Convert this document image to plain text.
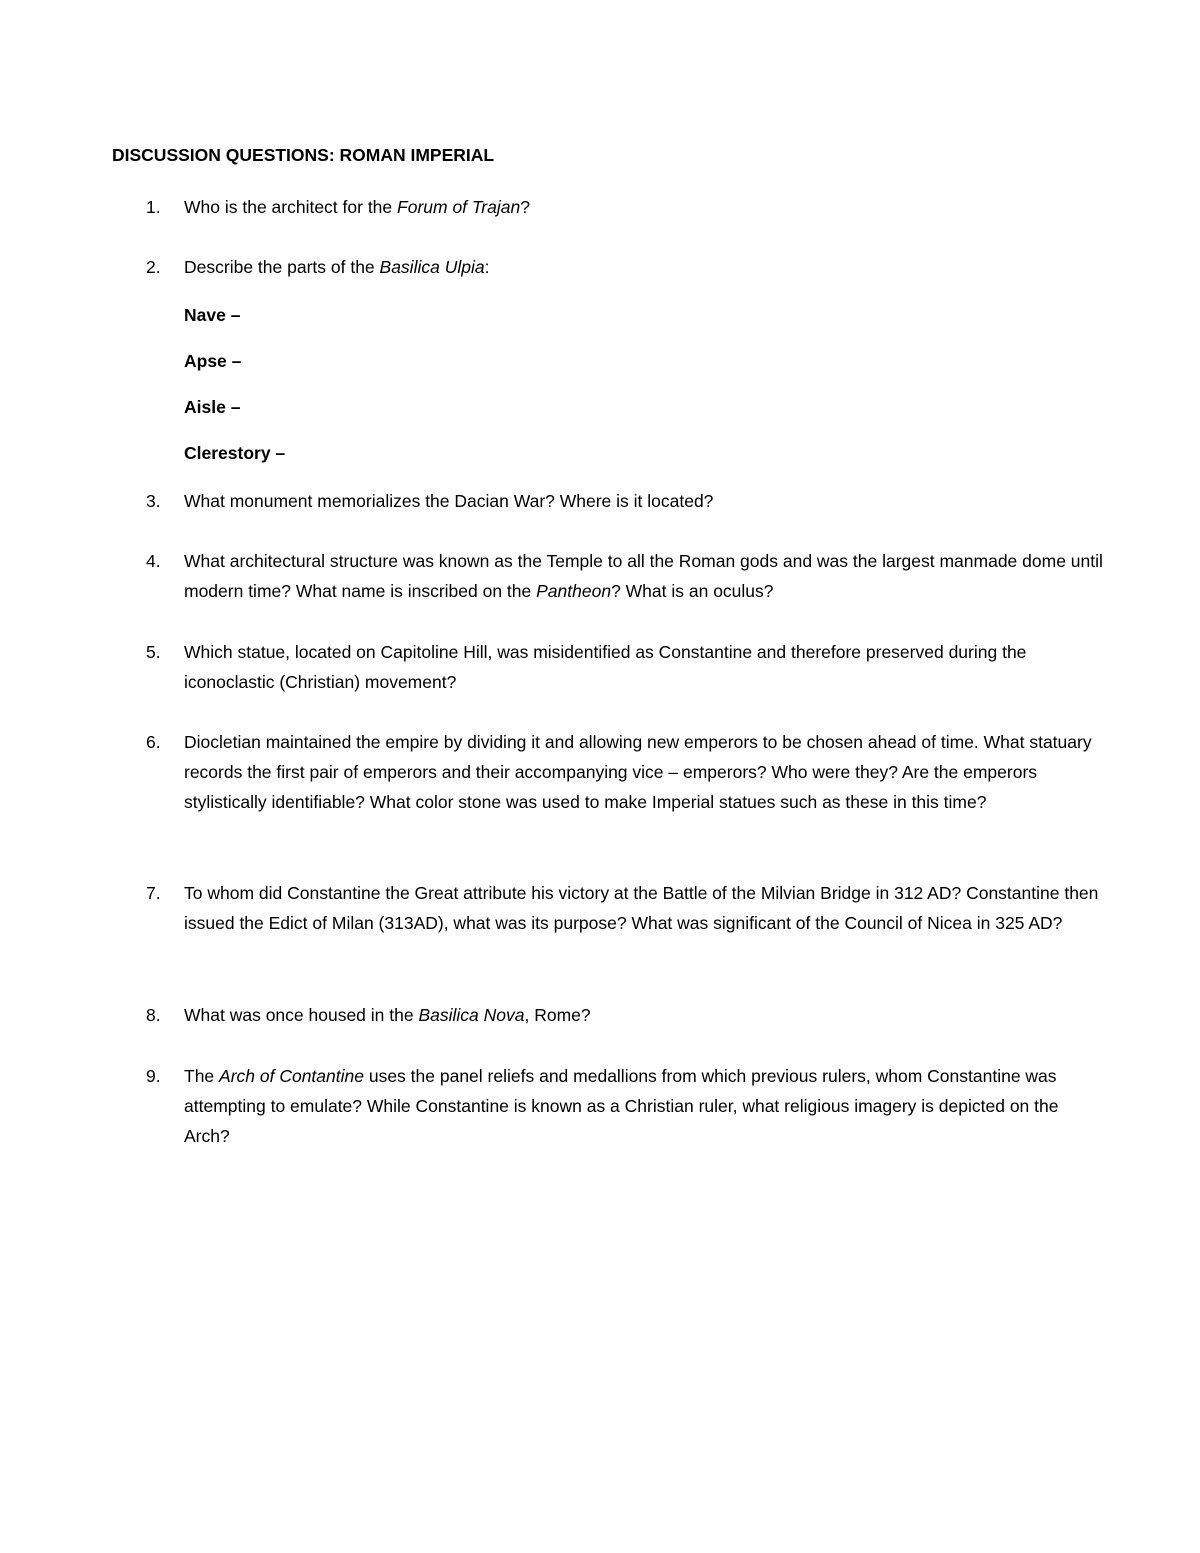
DISCUSSION QUESTIONS: ROMAN IMPERIAL
1.	Who is the architect for the Forum of Trajan?
2.	Describe the parts of the Basilica Ulpia:
Nave –
Apse –
Aisle –
Clerestory –
3.	What monument memorializes the Dacian War? Where is it located?
4.	What architectural structure was known as the Temple to all the Roman gods and was the largest manmade dome until modern time? What name is inscribed on the Pantheon? What is an oculus?
5.	Which statue, located on Capitoline Hill, was misidentified as Constantine and therefore preserved during the iconoclastic (Christian) movement?
6.	Diocletian maintained the empire by dividing it and allowing new emperors to be chosen ahead of time. What statuary records the first pair of emperors and their accompanying vice – emperors? Who were they? Are the emperors stylistically identifiable? What color stone was used to make Imperial statues such as these in this time?
7.	To whom did Constantine the Great attribute his victory at the Battle of the Milvian Bridge in 312 AD? Constantine then issued the Edict of Milan (313AD), what was its purpose? What was significant of the Council of Nicea in 325 AD?
8.	What was once housed in the Basilica Nova, Rome?
9.	The Arch of Contantine uses the panel reliefs and medallions from which previous rulers, whom Constantine was attempting to emulate? While Constantine is known as a Christian ruler, what religious imagery is depicted on the Arch?
